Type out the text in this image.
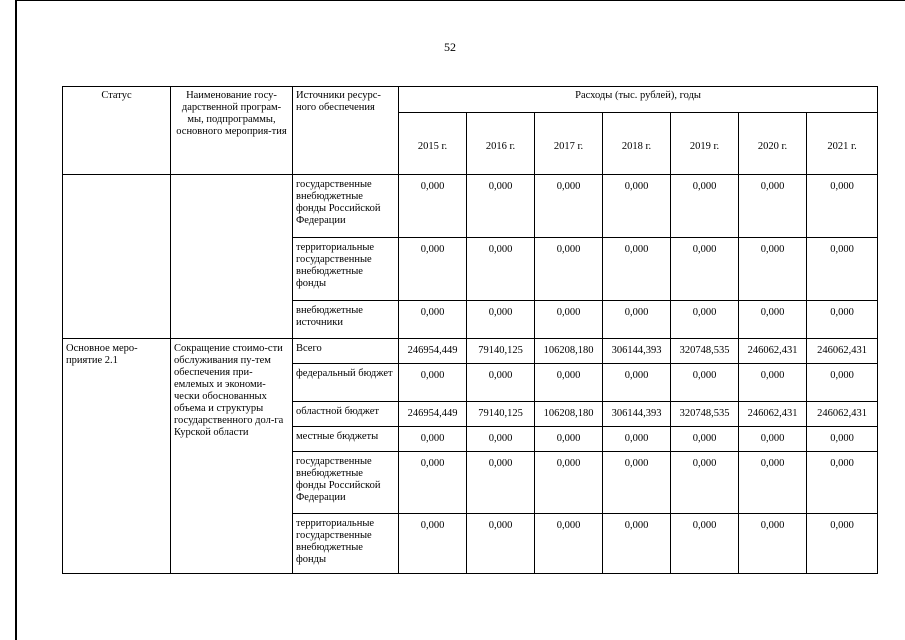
52
Статус	Наименование госу-дарственной програм-мы, подпрограммы, основного мероприя-тия	Источники ресурс-ного обеспечения	Расходы (тыс. рублей), годы						
			2015 г.	2016 г.	2017 г.	2018 г.	2019 г.	2020 г.	2021 г.
		государственные внебюджетные фонды Российской Федерации	0,000	0,000	0,000	0,000	0,000	0,000	0,000
		территориальные государственные внебюджетные фонды	0,000	0,000	0,000	0,000	0,000	0,000	0,000
		внебюджетные источники	0,000	0,000	0,000	0,000	0,000	0,000	0,000
Основное меро-приятие 2.1	Сокращение стоимо-сти обслуживания пу-тем обеспечения при-емлемых и экономи-чески обоснованных объема и структуры государственного дол-га Курской области	Всего	246954,449	79140,125	106208,180	306144,393	320748,535	246062,431	246062,431
		федеральный бюджет	0,000	0,000	0,000	0,000	0,000	0,000	0,000
		областной бюджет	246954,449	79140,125	106208,180	306144,393	320748,535	246062,431	246062,431
		местные бюджеты	0,000	0,000	0,000	0,000	0,000	0,000	0,000
		государственные внебюджетные фонды Российской Федерации	0,000	0,000	0,000	0,000	0,000	0,000	0,000
		территориальные государственные внебюджетные фонды	0,000	0,000	0,000	0,000	0,000	0,000	0,000
